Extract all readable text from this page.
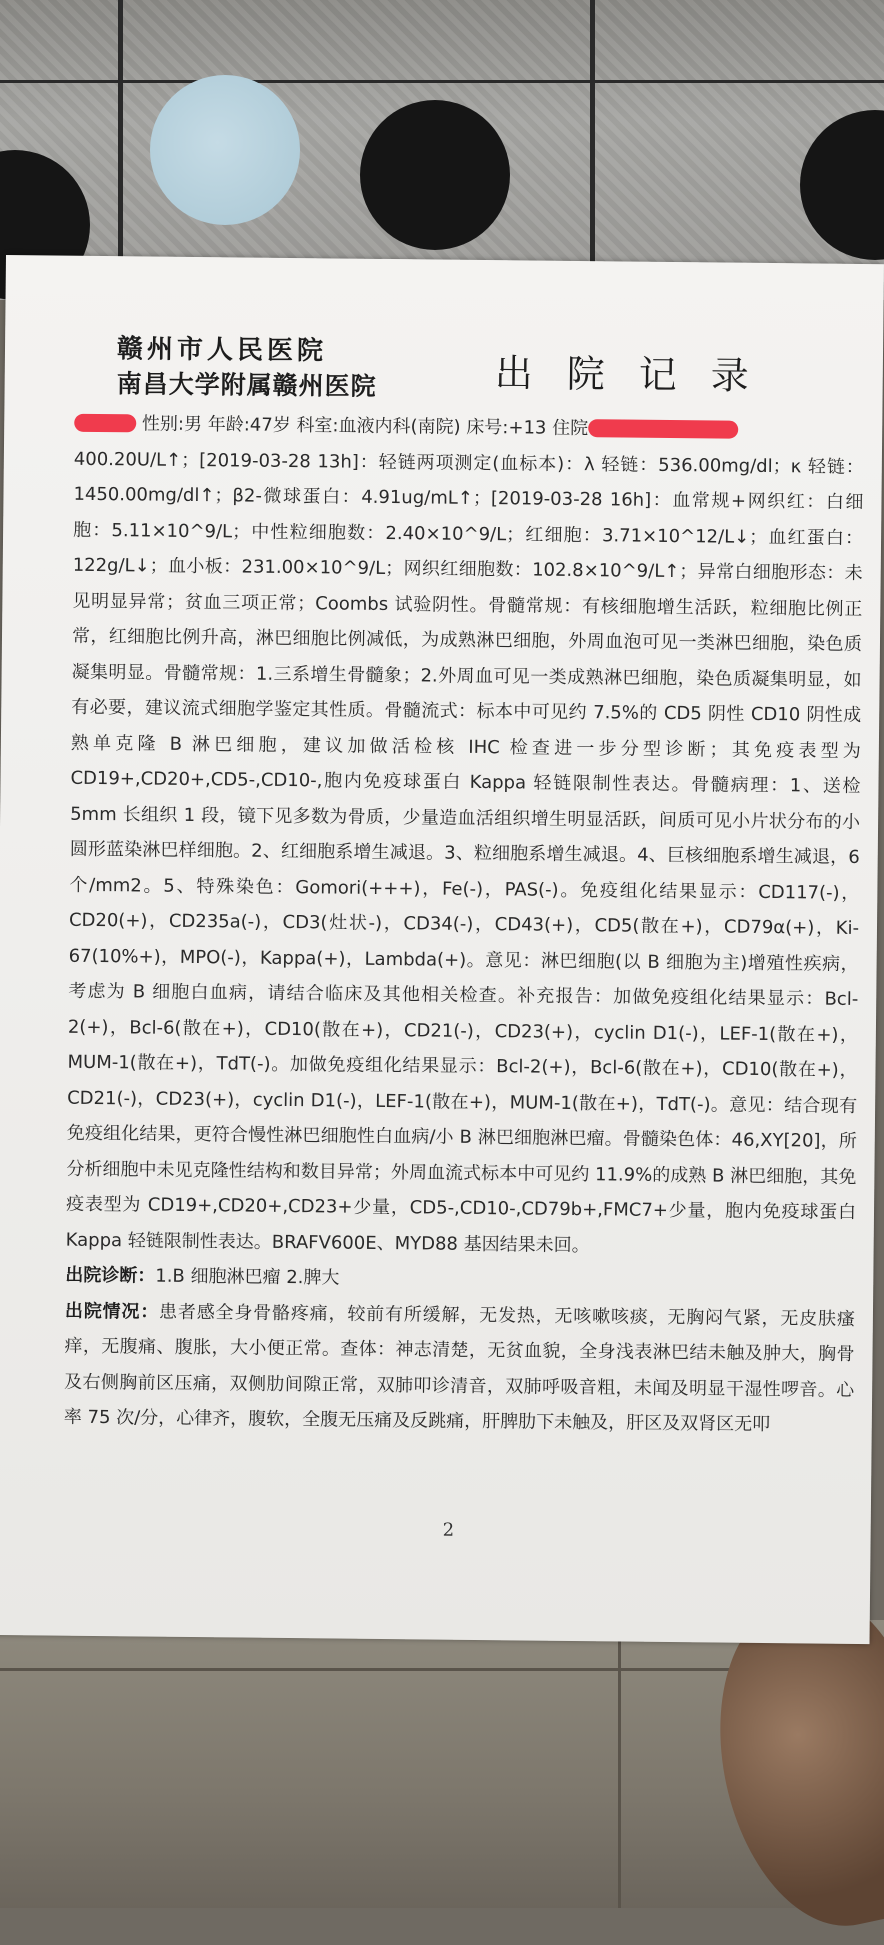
赣州市人民医院
南昌大学附属赣州医院	出院记录

性别:男 年龄:47岁 科室:血液内科(南院) 床号:+13 住院

400.20U/L↑；[2019-03-28 13h]：轻链两项测定(血标本)：λ 轻链：536.00mg/dl；κ 轻链：1450.00mg/dl↑；β2-微球蛋白：4.91ug/mL↑；[2019-03-28 16h]：血常规+网织红：白细胞：5.11×10^9/L；中性粒细胞数：2.40×10^9/L；红细胞：3.71×10^12/L↓；血红蛋白：122g/L↓；血小板：231.00×10^9/L；网织红细胞数：102.8×10^9/L↑；异常白细胞形态：未见明显异常；贫血三项正常；Coombs 试验阴性。骨髓常规：有核细胞增生活跃，粒细胞比例正常，红细胞比例升高，淋巴细胞比例减低，为成熟淋巴细胞，外周血泡可见一类淋巴细胞，染色质凝集明显。骨髓常规：1.三系增生骨髓象；2.外周血可见一类成熟淋巴细胞，染色质凝集明显，如有必要，建议流式细胞学鉴定其性质。骨髓流式：标本中可见约 7.5%的 CD5 阴性 CD10 阴性成熟单克隆 B 淋巴细胞，建议加做活检核 IHC 检查进一步分型诊断；其免疫表型为 CD19+,CD20+,CD5-,CD10-,胞内免疫球蛋白 Kappa 轻链限制性表达。骨髓病理：1、送检 5mm 长组织 1 段，镜下见多数为骨质，少量造血活组织增生明显活跃，间质可见小片状分布的小圆形蓝染淋巴样细胞。2、红细胞系增生减退。3、粒细胞系增生减退。4、巨核细胞系增生减退，6 个/mm2。5、特殊染色：Gomori(+++)，Fe(-)，PAS(-)。免疫组化结果显示：CD117(-)，CD20(+)，CD235a(-)，CD3(灶状-)，CD34(-)，CD43(+)，CD5(散在+)，CD79α(+)，Ki-67(10%+)，MPO(-)，Kappa(+)，Lambda(+)。意见：淋巴细胞(以 B 细胞为主)增殖性疾病，考虑为 B 细胞白血病，请结合临床及其他相关检查。补充报告：加做免疫组化结果显示：Bcl-2(+)，Bcl-6(散在+)，CD10(散在+)，CD21(-)，CD23(+)，cyclin D1(-)，LEF-1(散在+)，MUM-1(散在+)，TdT(-)。加做免疫组化结果显示：Bcl-2(+)，Bcl-6(散在+)，CD10(散在+)，CD21(-)，CD23(+)，cyclin D1(-)，LEF-1(散在+)，MUM-1(散在+)，TdT(-)。意见：结合现有免疫组化结果，更符合慢性淋巴细胞性白血病/小 B 淋巴细胞淋巴瘤。骨髓染色体：46,XY[20]，所分析细胞中未见克隆性结构和数目异常；外周血流式标本中可见约 11.9%的成熟 B 淋巴细胞，其免疫表型为 CD19+,CD20+,CD23+少量，CD5-,CD10-,CD79b+,FMC7+少量，胞内免疫球蛋白 Kappa 轻链限制性表达。BRAFV600E、MYD88 基因结果未回。

出院诊断：1.B 细胞淋巴瘤 2.脾大

出院情况：患者感全身骨骼疼痛，较前有所缓解，无发热，无咳嗽咳痰，无胸闷气紧，无皮肤瘙痒，无腹痛、腹胀，大小便正常。查体：神志清楚，无贫血貌，全身浅表淋巴结未触及肿大，胸骨及右侧胸前区压痛，双侧肋间隙正常，双肺叩诊清音，双肺呼吸音粗，未闻及明显干湿性啰音。心率 75 次/分，心律齐，腹软，全腹无压痛及反跳痛，肝脾肋下未触及，肝区及双肾区无叩

2
